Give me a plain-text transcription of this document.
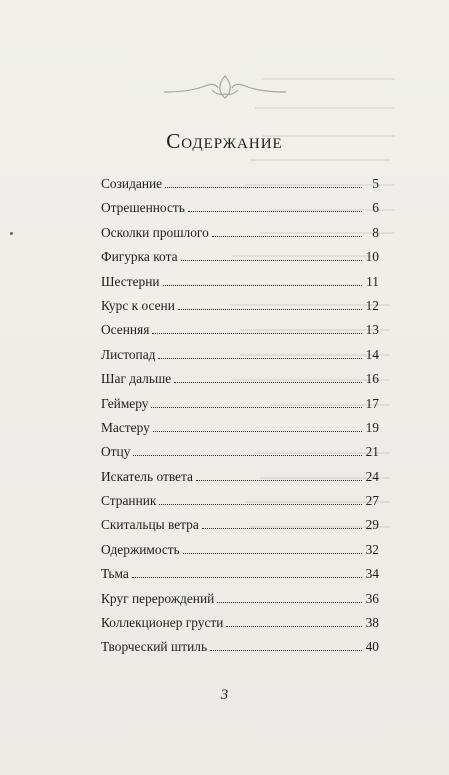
Содержание
Созидание	5
Отрешенность	6
Осколки прошлого	8
Фигурка кота	10
Шестерни	11
Курс к осени	12
Осенняя	13
Листопад	14
Шаг дальше	16
Геймеру	17
Мастеру	19
Отцу	21
Искатель ответа	24
Странник	27
Скитальцы ветра	29
Одержимость	32
Тьма	34
Круг перерождений	36
Коллекционер грусти	38
Творческий штиль	40
3
